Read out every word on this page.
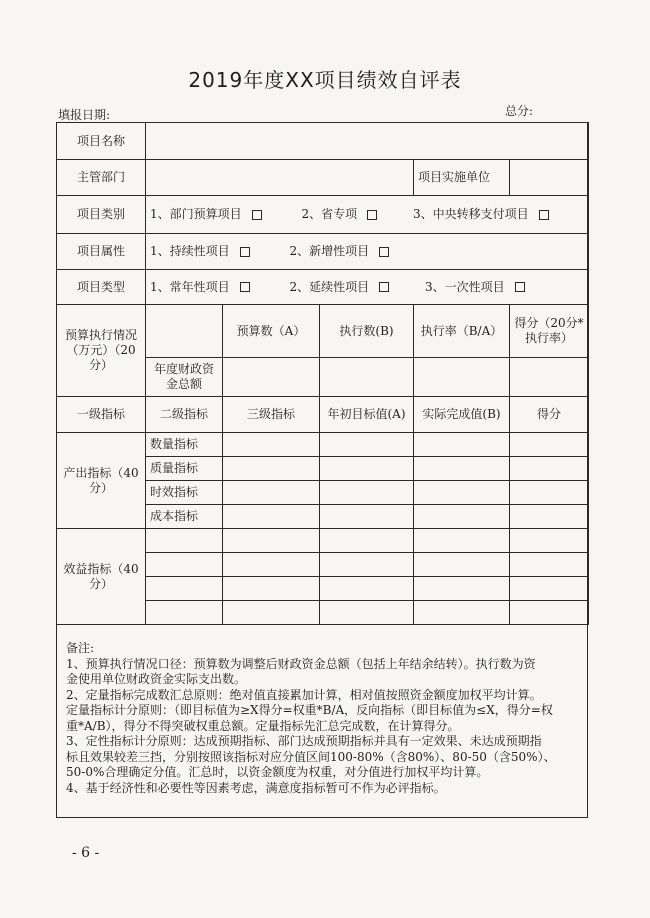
2019年度XX项目绩效自评表
填报日期:	总分:
项目名称					
主管部门				项目实施单位	
项目类别	1、部门预算项目 2、省专项 3、中央转移支付项目				
项目属性	1、持续性项目 2、新增性项目				
项目类型	1、常年性项目 2、延续性项目 3、一次性项目				
预算执行情况（万元）（20分）		预算数（A）	执行数(B)	执行率（B/A）	得分（20分*执行率）
	年度财政资金总额				
一级指标	二级指标	三级指标	年初目标值(A)	实际完成值(B)	得分
产出指标（40分）	数量指标				
	质量指标				
	时效指标				
	成本指标				
效益指标（40分）					

备注:
1、预算执行情况口径：预算数为调整后财政资金总额（包括上年结余结转）。执行数为资
金使用单位财政资金实际支出数。
2、定量指标完成数汇总原则：绝对值直接累加计算，相对值按照资金额度加权平均计算。
定量指标计分原则：（即目标值为≥X得分=权重*B/A，反向指标（即目标值为≤X，得分=权
重*A/B），得分不得突破权重总额。定量指标先汇总完成数，在计算得分。
3、定性指标计分原则：达成预期指标、部门达成预期指标并具有一定效果、未达成预期指
标且效果较差三挡，分别按照该指标对应分值区间100-80%（含80%）、80-50（含50%）、
50-0%合理确定分值。汇总时，以资金额度为权重，对分值进行加权平均计算。
4、基于经济性和必要性等因素考虑，满意度指标暂可不作为必评指标。
- 6 -
